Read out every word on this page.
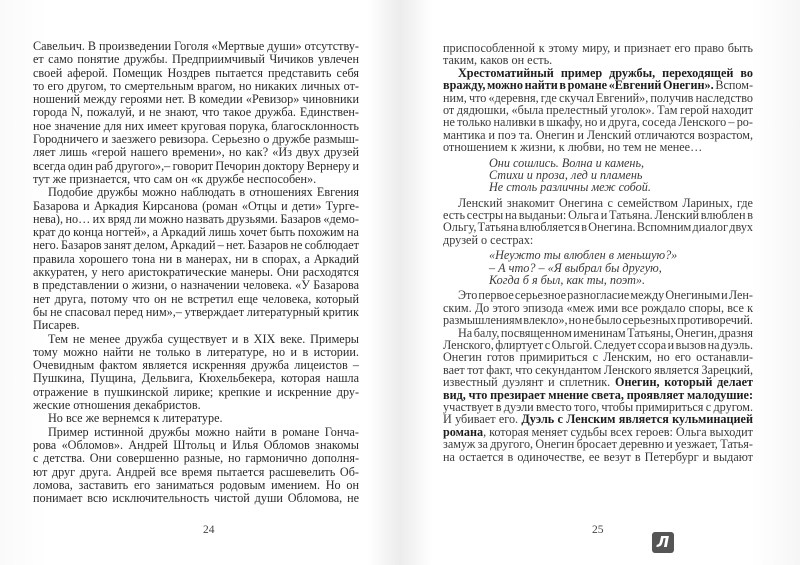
Савельич. В произведении Гоголя «Мертвые души» отсутству-
ет само понятие дружбы. Предприимчивый Чичиков увлечен
своей аферой. Помещик Ноздрев пытается представить себя
то его другом, то смертельным врагом, но никаких личных от-
ношений между героями нет. В комедии «Ревизор» чиновники
города N, пожалуй, и не знают, что такое дружба. Единствен-
ное значение для них имеет круговая порука, благосклонность
Городничего и заезжего ревизора. Серьезно о дружбе размыш-
ляет лишь «герой нашего времени», но как? «Из двух друзей
всегда один раб другого»,– говорит Печорин доктору Вернеру и
тут же признается, что сам он «к дружбе неспособен».
Подобие дружбы можно наблюдать в отношениях Евгения
Базарова и Аркадия Кирсанова (роман «Отцы и дети» Турге-
нева), но… их вряд ли можно назвать друзьями. Базаров «демо-
крат до конца ногтей», а Аркадий лишь хочет быть похожим на
него. Базаров занят делом, Аркадий – нет. Базаров не соблюдает
правила хорошего тона ни в манерах, ни в спорах, а Аркадий
аккуратен, у него аристократические манеры. Они расходятся
в представлении о жизни, о назначении человека. «У Базарова
нет друга, потому что он не встретил еще человека, который
бы не спасовал перед ним»,– утверждает литературный критик
Писарев.
Тем не менее дружба существует и в XIX веке. Примеры
тому можно найти не только в литературе, но и в истории.
Очевидным фактом является искренняя дружба лицеистов –
Пушкина, Пущина, Дельвига, Кюхельбекера, которая нашла
отражение в пушкинской лирике; крепкие и искренние дру-
жеские отношения декабристов.
Но все же вернемся к литературе.
Пример истинной дружбы можно найти в романе Гонча-
рова «Обломов». Андрей Штольц и Илья Обломов знакомы
с детства. Они совершенно разные, но гармонично дополня-
ют друг друга. Андрей все время пытается расшевелить Об-
ломова, заставить его заниматься родовым имением. Но он
понимает всю исключительность чистой души Обломова, не
приспособленной к этому миру, и признает его право быть
таким, каков он есть.
Хрестоматийный пример дружбы, переходящей во
вражду, можно найти в романе «Евгений Онегин». Вспом-
ним, что «деревня, где скучал Евгений», получив наследство
от дядюшки, «была прелестный уголок». Там герой находит
не только наливки в шкафу, но и друга, соседа Ленского – ро-
мантика и поэ та. Онегин и Ленский отличаются возрастом,
отношением к жизни, к любви, но тем не менее…
Они сошлись. Волна и камень,
Стихи и проза, лед и пламень
Не столь различны меж собой.
Ленский знакомит Онегина с семейством Лариных, где
есть сестры на выданьи: Ольга и Татьяна. Ленский влюблен в
Ольгу, Татьяна влюбляется в Онегина. Вспомним диалог двух
друзей о сестрах:
«Неужто ты влюблен в меньшую?»
– А что? – «Я выбрал бы другую,
Когда б я был, как ты, поэт».
Это первое серьезное разногласие между Онегиным и Лен-
ским. До этого эпизода «меж ими все рождало споры, все к
размышлениям влекло», но не было серьезных противоречий.
На балу, посвященном именинам Татьяны, Онегин, дразня
Ленского, флиртует с Ольгой. Следует ссора и вызов на дуэль.
Онегин готов примириться с Ленским, но его останавли-
вает тот факт, что секундантом Ленского является Зарецкий,
известный дуэлянт и сплетник. Онегин, который делает
вид, что презирает мнение света, проявляет малодушие:
участвует в дуэли вместо того, чтобы примириться с другом.
И убивает его. Дуэль с Ленским является кульминацией
романа, которая меняет судьбы всех героев: Ольга выходит
замуж за другого, Онегин бросает деревню и уезжает, Татья-
на остается в одиночестве, ее везут в Петербург и выдают
24	25
Л
